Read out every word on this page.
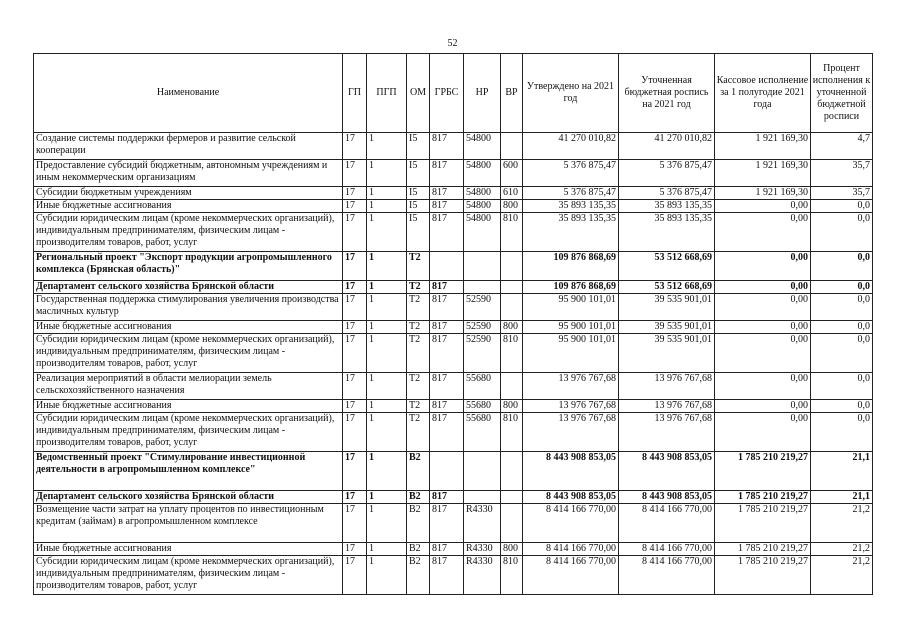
52
Наименование	ГП	ПГП	ОМ	ГРБС	НР	ВР	Утверждено на 2021 год	Уточненная бюджетная роспись на 2021 год	Кассовое исполнение за 1 полугодие 2021 года	Процент исполнения к уточненной бюджетной росписи
Создание системы поддержки фермеров и развитие сельской кооперации	17	1	I5	817	54800		41 270 010,82	41 270 010,82	1 921 169,30	4,7
Предоставление субсидий бюджетным, автономным учреждениям и иным некоммерческим организациям	17	1	I5	817	54800	600	5 376 875,47	5 376 875,47	1 921 169,30	35,7
Субсидии бюджетным учреждениям	17	1	I5	817	54800	610	5 376 875,47	5 376 875,47	1 921 169,30	35,7
Иные бюджетные ассигнования	17	1	I5	817	54800	800	35 893 135,35	35 893 135,35	0,00	0,0
Субсидии юридическим лицам (кроме некоммерческих организаций), индивидуальным предпринимателям, физическим лицам - производителям товаров, работ, услуг	17	1	I5	817	54800	810	35 893 135,35	35 893 135,35	0,00	0,0
Региональный проект "Экспорт продукции агропромышленного комплекса (Брянская область)"	17	1	T2				109 876 868,69	53 512 668,69	0,00	0,0
Департамент сельского хозяйства Брянской области	17	1	T2	817			109 876 868,69	53 512 668,69	0,00	0,0
Государственная поддержка стимулирования увеличения производства масличных культур	17	1	T2	817	52590		95 900 101,01	39 535 901,01	0,00	0,0
Иные бюджетные ассигнования	17	1	T2	817	52590	800	95 900 101,01	39 535 901,01	0,00	0,0
Субсидии юридическим лицам (кроме некоммерческих организаций), индивидуальным предпринимателям, физическим лицам - производителям товаров, работ, услуг	17	1	T2	817	52590	810	95 900 101,01	39 535 901,01	0,00	0,0
Реализация мероприятий в области мелиорации земель сельскохозяйственного назначения	17	1	T2	817	55680		13 976 767,68	13 976 767,68	0,00	0,0
Иные бюджетные ассигнования	17	1	T2	817	55680	800	13 976 767,68	13 976 767,68	0,00	0,0
Субсидии юридическим лицам (кроме некоммерческих организаций), индивидуальным предпринимателям, физическим лицам - производителям товаров, работ, услуг	17	1	T2	817	55680	810	13 976 767,68	13 976 767,68	0,00	0,0
Ведомственный проект "Стимулирование инвестиционной деятельности в агропромышленном комплексе"	17	1	B2				8 443 908 853,05	8 443 908 853,05	1 785 210 219,27	21,1
Департамент сельского хозяйства Брянской области	17	1	B2	817			8 443 908 853,05	8 443 908 853,05	1 785 210 219,27	21,1
Возмещение части затрат на уплату процентов по инвестиционным кредитам (займам) в агропромышленном комплексе	17	1	B2	817	R4330		8 414 166 770,00	8 414 166 770,00	1 785 210 219,27	21,2
Иные бюджетные ассигнования	17	1	B2	817	R4330	800	8 414 166 770,00	8 414 166 770,00	1 785 210 219,27	21,2
Субсидии юридическим лицам (кроме некоммерческих организаций), индивидуальным предпринимателям, физическим лицам - производителям товаров, работ, услуг	17	1	B2	817	R4330	810	8 414 166 770,00	8 414 166 770,00	1 785 210 219,27	21,2
